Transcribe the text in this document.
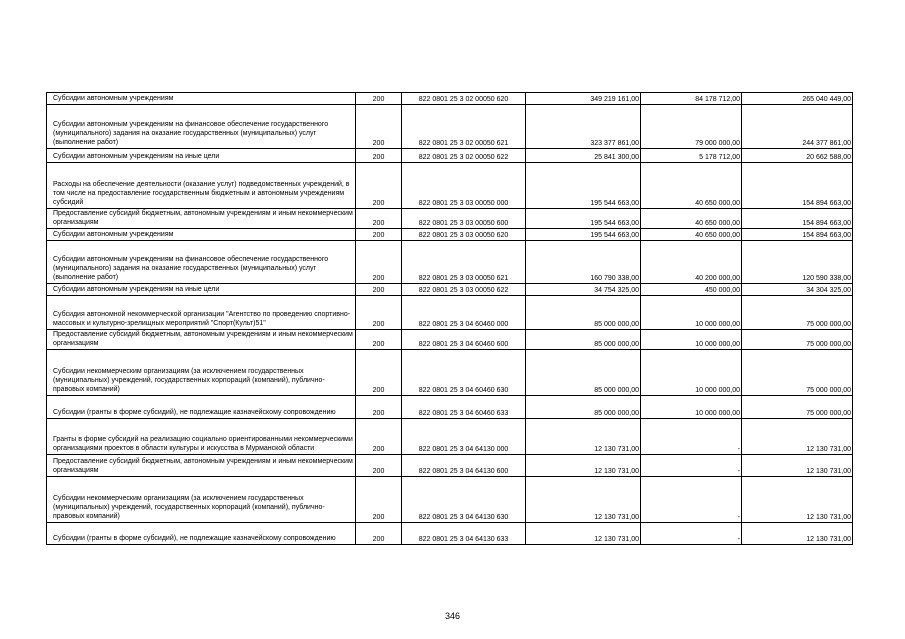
Субсидии автономным учреждениям	200	822 0801 25 3 02 00050 620	349 219 161,00	84 178 712,00	265 040 449,00
Субсидии автономным учреждениям на финансовое обеспечение государственного (муниципального) задания на оказание государственных (муниципальных) услуг (выполнение работ)	200	822 0801 25 3 02 00050 621	323 377 861,00	79 000 000,00	244 377 861,00
Субсидии автономным учреждениям на иные цели	200	822 0801 25 3 02 00050 622	25 841 300,00	5 178 712,00	20 662 588,00
Расходы на обеспечение деятельности (оказание услуг) подведомственных учреждений, в том числе на предоставление государственным бюджетным и автономным учреждениям субсидий	200	822 0801 25 3 03 00050 000	195 544 663,00	40 650 000,00	154 894 663,00
Предоставление субсидий бюджетным, автономным учреждениям и иным некоммерческим организациям	200	822 0801 25 3 03 00050 600	195 544 663,00	40 650 000,00	154 894 663,00
Субсидии автономным учреждениям	200	822 0801 25 3 03 00050 620	195 544 663,00	40 650 000,00	154 894 663,00
Субсидии автономным учреждениям на финансовое обеспечение государственного (муниципального) задания на оказание государственных (муниципальных) услуг (выполнение работ)	200	822 0801 25 3 03 00050 621	160 790 338,00	40 200 000,00	120 590 338,00
Субсидии автономным учреждениям на иные цели	200	822 0801 25 3 03 00050 622	34 754 325,00	450 000,00	34 304 325,00
Субсидия автономной некоммерческой организации "Агентство по проведению спортивно-массовых и культурно-зрелищных мероприятий "Спорт(Культ)51"	200	822 0801 25 3 04 60460 000	85 000 000,00	10 000 000,00	75 000 000,00
Предоставление субсидий бюджетным, автономным учреждениям и иным некоммерческим организациям	200	822 0801 25 3 04 60460 600	85 000 000,00	10 000 000,00	75 000 000,00
Субсидии некоммерческим организациям (за исключением государственных (муниципальных) учреждений, государственных корпораций (компаний), публично-правовых компаний)	200	822 0801 25 3 04 60460 630	85 000 000,00	10 000 000,00	75 000 000,00
Субсидии (гранты в форме субсидий), не подлежащие казначейскому сопровождению	200	822 0801 25 3 04 60460 633	85 000 000,00	10 000 000,00	75 000 000,00
Гранты в форме субсидий на реализацию социально ориентированными некоммерческими организациями проектов в области культуры и искусства в Мурманской области	200	822 0801 25 3 04 64130 000	12 130 731,00	-	12 130 731,00
Предоставление субсидий бюджетным, автономным учреждениям и иным некоммерческим организациям	200	822 0801 25 3 04 64130 600	12 130 731,00	-	12 130 731,00
Субсидии некоммерческим организациям (за исключением государственных (муниципальных) учреждений, государственных корпораций (компаний), публично-правовых компаний)	200	822 0801 25 3 04 64130 630	12 130 731,00	-	12 130 731,00
Субсидии (гранты в форме субсидий), не подлежащие казначейскому сопровождению	200	822 0801 25 3 04 64130 633	12 130 731,00	-	12 130 731,00
346
